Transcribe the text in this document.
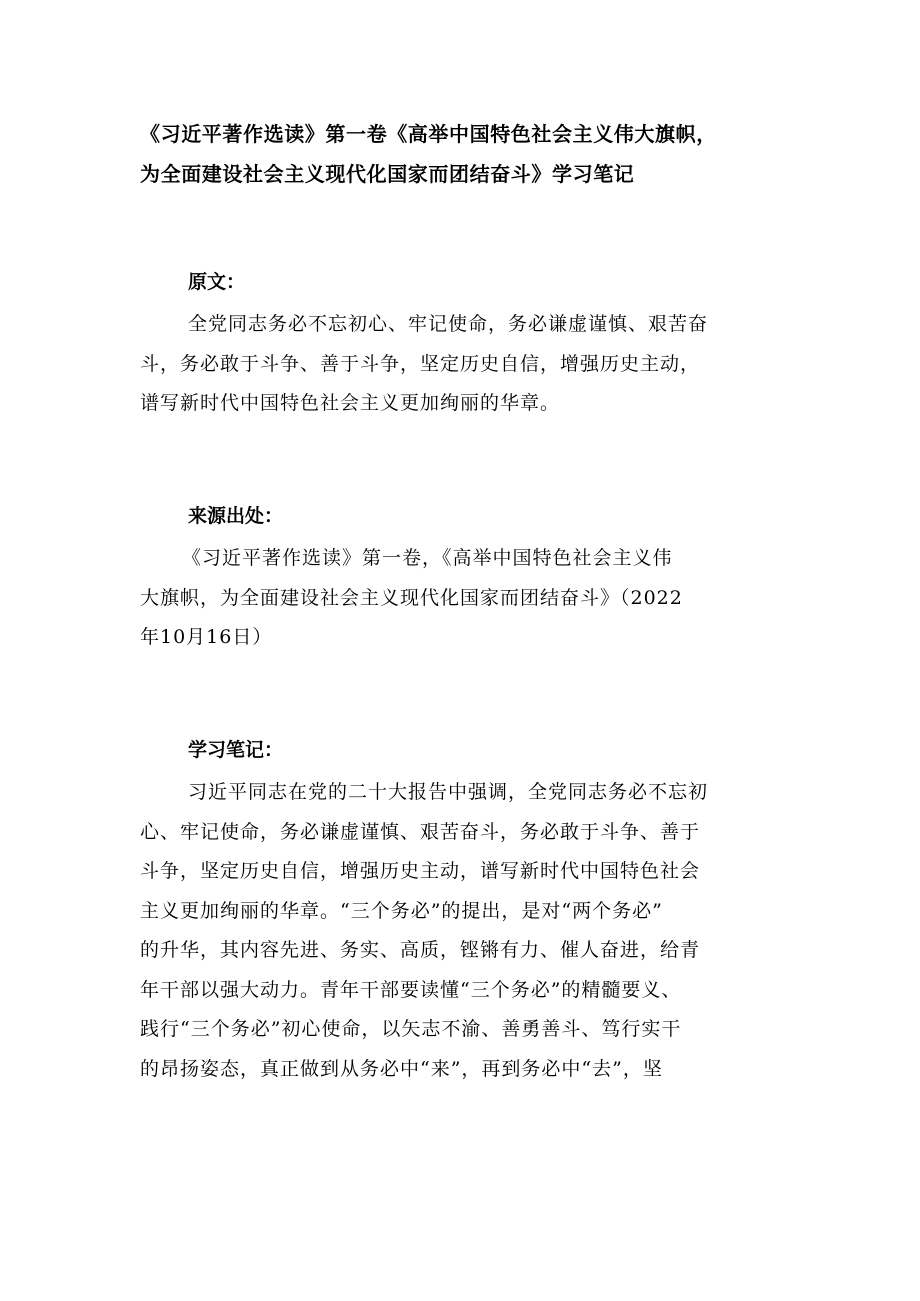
《习近平著作选读》第一卷《高举中国特色社会主义伟大旗帜，
为全面建设社会主义现代化国家而团结奋斗》学习笔记
原文：

全党同志务必不忘初心、牢记使命，务必谦虚谨慎、艰苦奋
斗，务必敢于斗争、善于斗争，坚定历史自信，增强历史主动，
谱写新时代中国特色社会主义更加绚丽的华章。

来源出处：

《习近平著作选读》第一卷，《高举中国特色社会主义伟
大旗帜，为全面建设社会主义现代化国家而团结奋斗》（2022
年10月16日）

学习笔记：

习近平同志在党的二十大报告中强调，全党同志务必不忘初
心、牢记使命，务必谦虚谨慎、艰苦奋斗，务必敢于斗争、善于
斗争，坚定历史自信，增强历史主动，谱写新时代中国特色社会
主义更加绚丽的华章。“三个务必”的提出，是对“两个务必”
的升华，其内容先进、务实、高质，铿锵有力、催人奋进，给青
年干部以强大动力。青年干部要读懂“三个务必”的精髓要义、
践行“三个务必”初心使命，以矢志不渝、善勇善斗、笃行实干
的昂扬姿态，真正做到从务必中“来”，再到务必中“去”，坚
